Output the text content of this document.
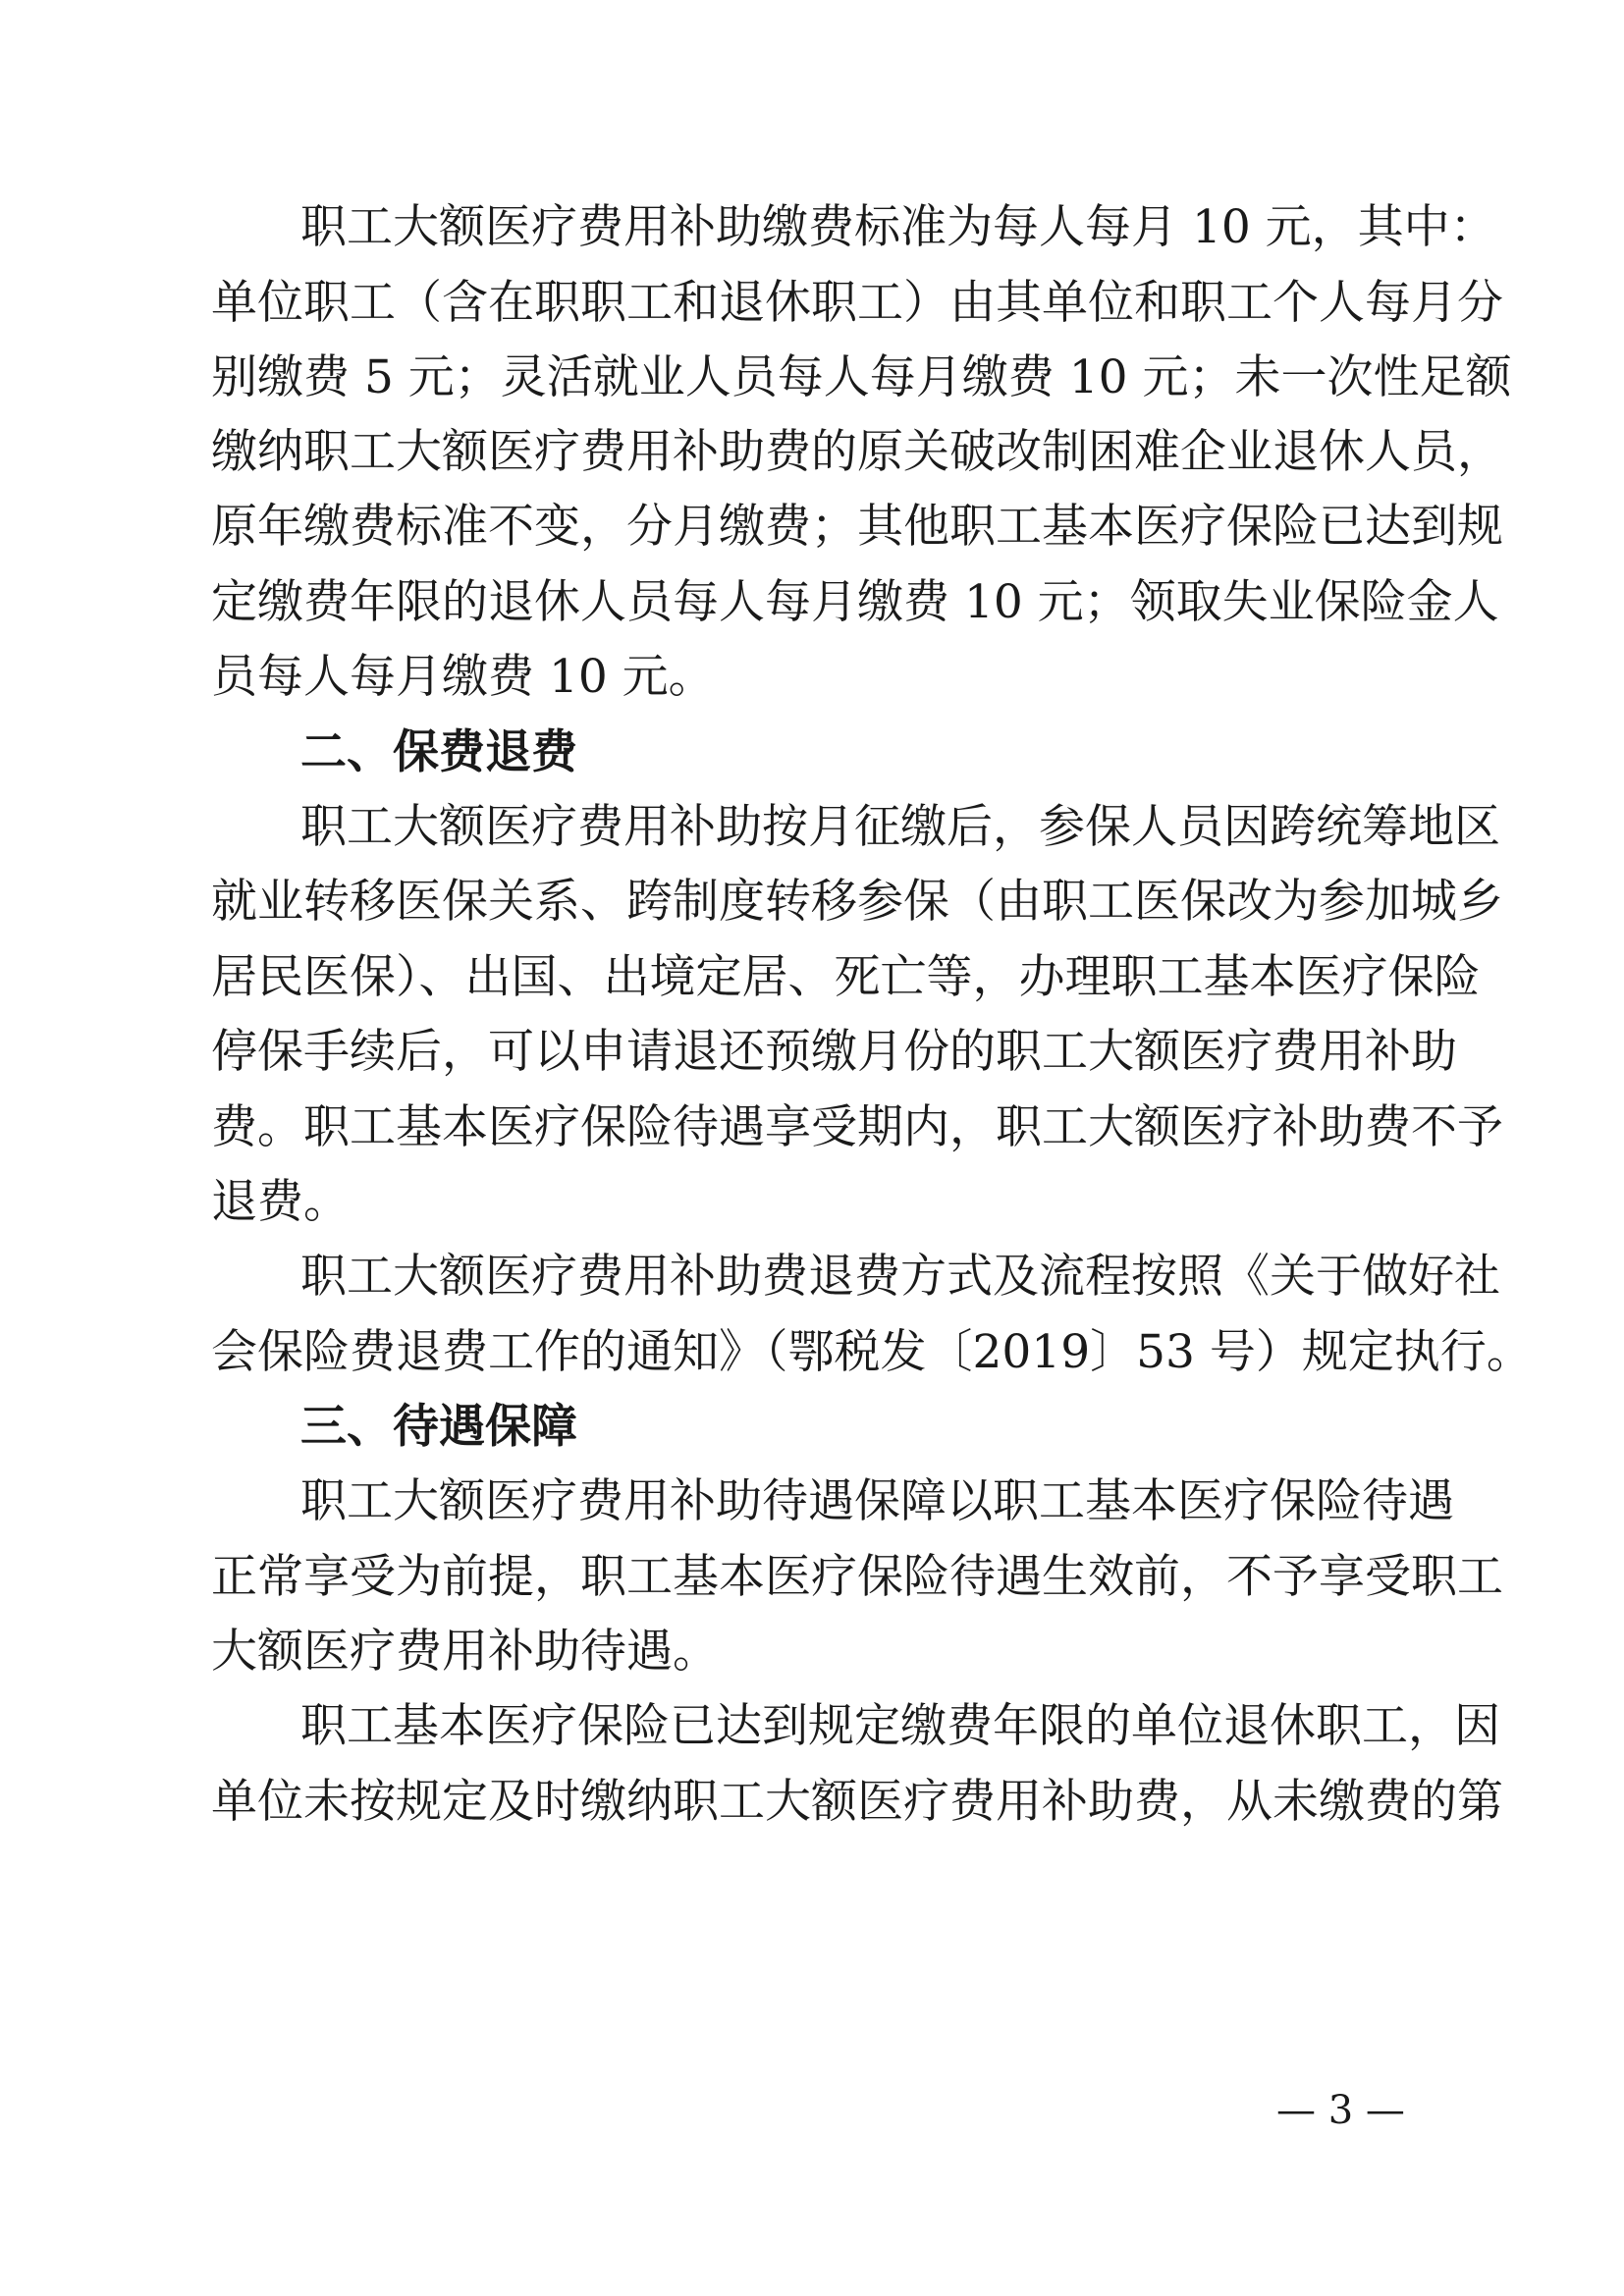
职工大额医疗费用补助缴费标准为每人每月 10 元，其中：

单位职工（含在职职工和退休职工）由其单位和职工个人每月分

别缴费 5 元；灵活就业人员每人每月缴费 10 元；未一次性足额

缴纳职工大额医疗费用补助费的原关破改制困难企业退休人员，

原年缴费标准不变，分月缴费；其他职工基本医疗保险已达到规

定缴费年限的退休人员每人每月缴费 10 元；领取失业保险金人

员每人每月缴费 10 元。

二、保费退费

职工大额医疗费用补助按月征缴后，参保人员因跨统筹地区

就业转移医保关系、跨制度转移参保（由职工医保改为参加城乡

居民医保）、出国、出境定居、死亡等，办理职工基本医疗保险

停保手续后，可以申请退还预缴月份的职工大额医疗费用补助

费。职工基本医疗保险待遇享受期内，职工大额医疗补助费不予

退费。

职工大额医疗费用补助费退费方式及流程按照《关于做好社

会保险费退费工作的通知》（鄂税发〔2019〕53 号）规定执行。

三、待遇保障

职工大额医疗费用补助待遇保障以职工基本医疗保险待遇

正常享受为前提，职工基本医疗保险待遇生效前，不予享受职工

大额医疗费用补助待遇。

职工基本医疗保险已达到规定缴费年限的单位退休职工，因

单位未按规定及时缴纳职工大额医疗费用补助费，从未缴费的第

— 3 —
